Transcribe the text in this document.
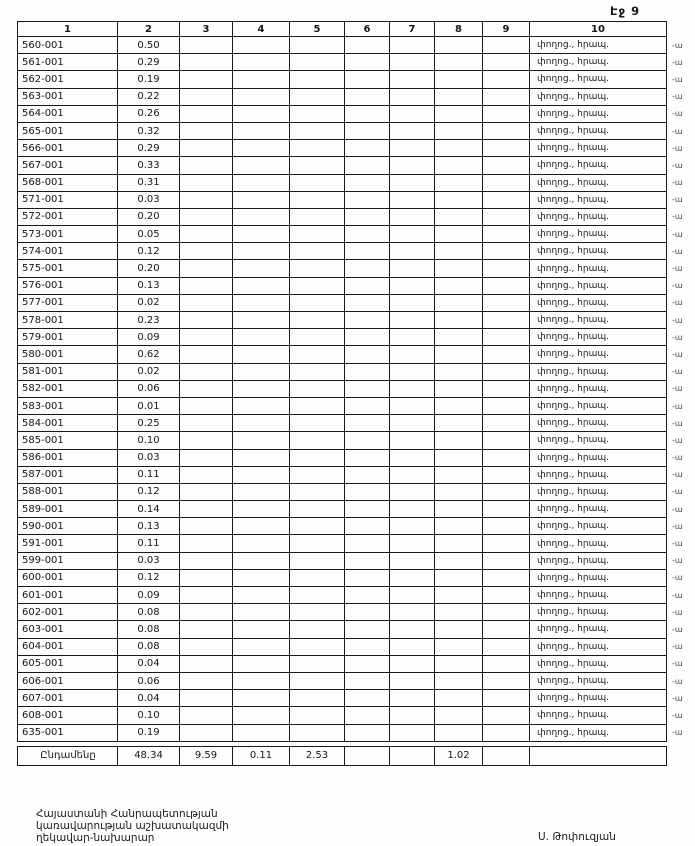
Էջ 9
1	2	3	4	5	6	7	8	9	10	
560-001	0.50								փողոց., հրապ.	-ա
561-001	0.29								փողոց., հրապ.	-ա
562-001	0.19								փողոց., հրապ.	-ա
563-001	0.22								փողոց., հրապ.	-ա
564-001	0.26								փողոց., հրապ.	-ա
565-001	0.32								փողոց., հրապ.	-ա
566-001	0.29								փողոց., հրապ.	-ա
567-001	0.33								փողոց., հրապ.	-ա
568-001	0.31								փողոց., հրապ.	-ա
571-001	0.03								փողոց., հրապ.	-ա
572-001	0.20								փողոց., հրապ.	-ա
573-001	0.05								փողոց., հրապ.	-ա
574-001	0.12								փողոց., հրապ.	-ա
575-001	0.20								փողոց., հրապ.	-ա
576-001	0.13								փողոց., հրապ.	-ա
577-001	0.02								փողոց., հրապ.	-ա
578-001	0.23								փողոց., հրապ.	-ա
579-001	0.09								փողոց., հրապ.	-ա
580-001	0.62								փողոց., հրապ.	-ա
581-001	0.02								փողոց., հրապ.	-ա
582-001	0.06								փողոց., հրապ.	-ա
583-001	0.01								փողոց., հրապ.	-ա
584-001	0.25								փողոց., հրապ.	-ա
585-001	0.10								փողոց., հրապ.	-ա
586-001	0.03								փողոց., հրապ.	-ա
587-001	0.11								փողոց., հրապ.	-ա
588-001	0.12								փողոց., հրապ.	-ա
589-001	0.14								փողոց., հրապ.	-ա
590-001	0.13								փողոց., հրապ.	-ա
591-001	0.11								փողոց., հրապ.	-ա
599-001	0.03								փողոց., հրապ.	-ա
600-001	0.12								փողոց., հրապ.	-ա
601-001	0.09								փողոց., հրապ.	-ա
602-001	0.08								փողոց., հրապ.	-ա
603-001	0.08								փողոց., հրապ.	-ա
604-001	0.08								փողոց., հրապ.	-ա
605-001	0.04								փողոց., հրապ.	-ա
606-001	0.06								փողոց., հրապ.	-ա
607-001	0.04								փողոց., հրապ.	-ա
608-001	0.10								փողոց., հրապ.	-ա
635-001	0.19								փողոց., հրապ.	-ա
Ընդամենը	48.34	9.59	0.11	2.53			1.02			
Հայաստանի Հանրապետության
կառավարության աշխատակազմի
ղեկավար-նախարար	Ս. Թոփուզյան
